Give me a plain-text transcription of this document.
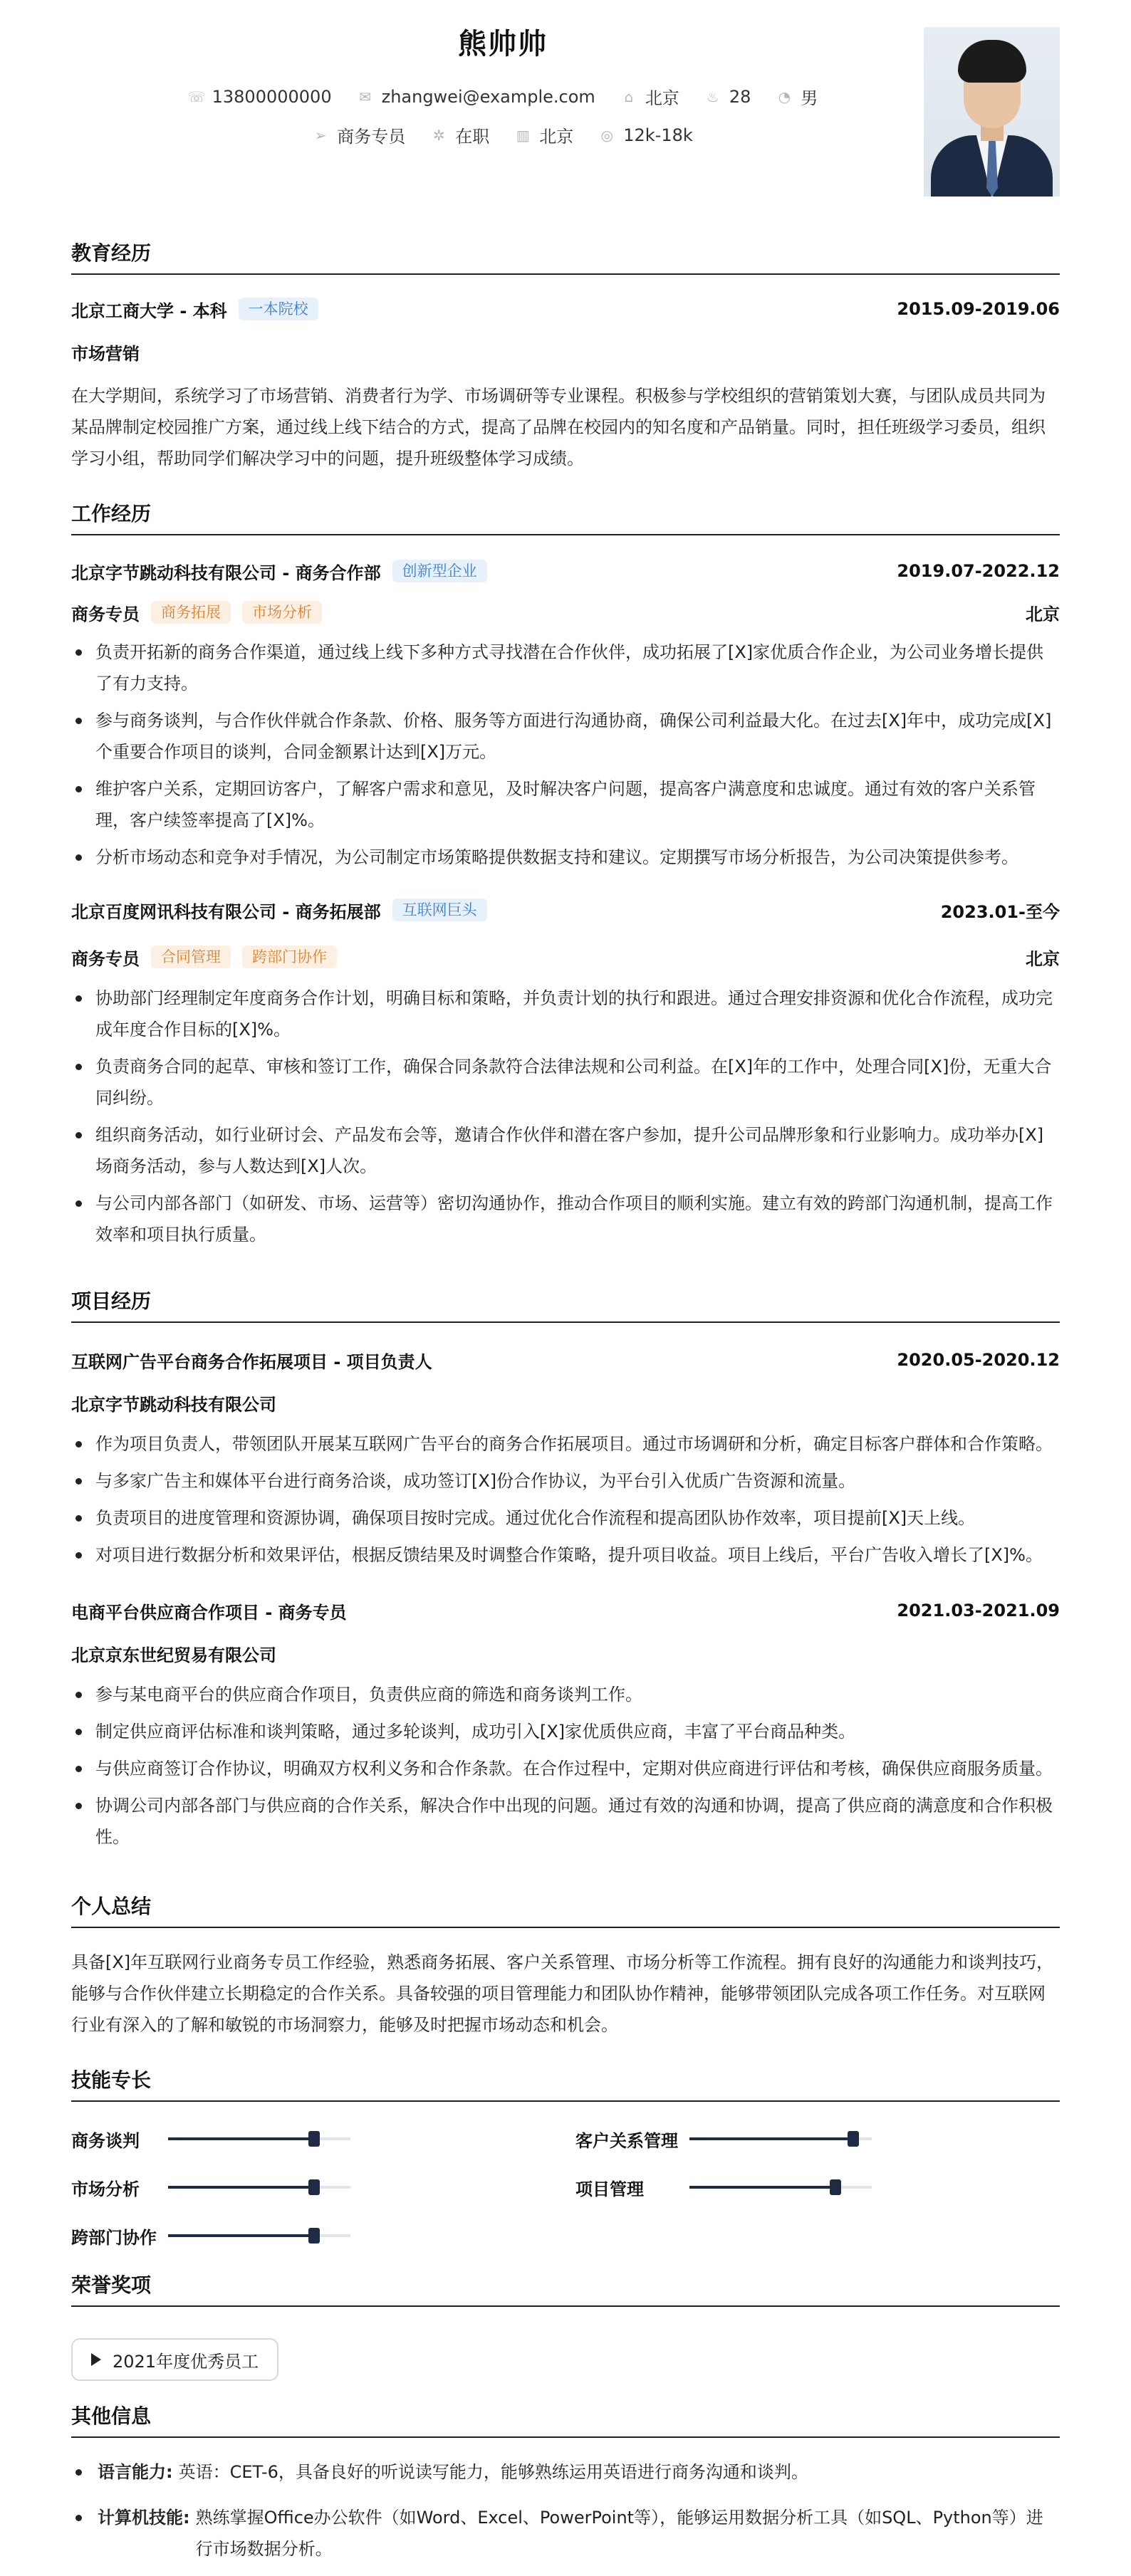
熊帅帅
☏ 13800000000 ✉ zhangwei@example.com ⌂ 北京 ♨ 28 ◔ 男
➢ 商务专员 ✲ 在职 ▥ 北京 ◎ 12k-18k
教育经历
北京工商大学 - 本科	一本院校	2015.09-2019.06
市场营销
在大学期间，系统学习了市场营销、消费者行为学、市场调研等专业课程。积极参与学校组织的营销策划大赛，与团队成员共同为某品牌制定校园推广方案，通过线上线下结合的方式，提高了品牌在校园内的知名度和产品销量。同时，担任班级学习委员，组织学习小组，帮助同学们解决学习中的问题，提升班级整体学习成绩。
工作经历
北京字节跳动科技有限公司 - 商务合作部	创新型企业	2019.07-2022.12
商务专员	商务拓展	市场分析	北京
负责开拓新的商务合作渠道，通过线上线下多种方式寻找潜在合作伙伴，成功拓展了[X]家优质合作企业，为公司业务增长提供了有力支持。
参与商务谈判，与合作伙伴就合作条款、价格、服务等方面进行沟通协商，确保公司利益最大化。在过去[X]年中，成功完成[X]个重要合作项目的谈判，合同金额累计达到[X]万元。
维护客户关系，定期回访客户，了解客户需求和意见，及时解决客户问题，提高客户满意度和忠诚度。通过有效的客户关系管理，客户续签率提高了[X]%。
分析市场动态和竞争对手情况，为公司制定市场策略提供数据支持和建议。定期撰写市场分析报告，为公司决策提供参考。
北京百度网讯科技有限公司 - 商务拓展部	互联网巨头	2023.01-至今
商务专员	合同管理	跨部门协作	北京
协助部门经理制定年度商务合作计划，明确目标和策略，并负责计划的执行和跟进。通过合理安排资源和优化合作流程，成功完成年度合作目标的[X]%。
负责商务合同的起草、审核和签订工作，确保合同条款符合法律法规和公司利益。在[X]年的工作中，处理合同[X]份，无重大合同纠纷。
组织商务活动，如行业研讨会、产品发布会等，邀请合作伙伴和潜在客户参加，提升公司品牌形象和行业影响力。成功举办[X]场商务活动，参与人数达到[X]人次。
与公司内部各部门（如研发、市场、运营等）密切沟通协作，推动合作项目的顺利实施。建立有效的跨部门沟通机制，提高工作效率和项目执行质量。
项目经历
互联网广告平台商务合作拓展项目 - 项目负责人	2020.05-2020.12
北京字节跳动科技有限公司
作为项目负责人，带领团队开展某互联网广告平台的商务合作拓展项目。通过市场调研和分析，确定目标客户群体和合作策略。
与多家广告主和媒体平台进行商务洽谈，成功签订[X]份合作协议，为平台引入优质广告资源和流量。
负责项目的进度管理和资源协调，确保项目按时完成。通过优化合作流程和提高团队协作效率，项目提前[X]天上线。
对项目进行数据分析和效果评估，根据反馈结果及时调整合作策略，提升项目收益。项目上线后，平台广告收入增长了[X]%。
电商平台供应商合作项目 - 商务专员	2021.03-2021.09
北京京东世纪贸易有限公司
参与某电商平台的供应商合作项目，负责供应商的筛选和商务谈判工作。
制定供应商评估标准和谈判策略，通过多轮谈判，成功引入[X]家优质供应商，丰富了平台商品种类。
与供应商签订合作协议，明确双方权利义务和合作条款。在合作过程中，定期对供应商进行评估和考核，确保供应商服务质量。
协调公司内部各部门与供应商的合作关系，解决合作中出现的问题。通过有效的沟通和协调，提高了供应商的满意度和合作积极性。
个人总结
具备[X]年互联网行业商务专员工作经验，熟悉商务拓展、客户关系管理、市场分析等工作流程。拥有良好的沟通能力和谈判技巧，能够与合作伙伴建立长期稳定的合作关系。具备较强的项目管理能力和团队协作精神，能够带领团队完成各项工作任务。对互联网行业有深入的了解和敏锐的市场洞察力，能够及时把握市场动态和机会。
技能专长
商务谈判	客户关系管理
市场分析	项目管理
跨部门协作
荣誉奖项
2021年度优秀员工
其他信息
语言能力: 英语：CET-6，具备良好的听说读写能力，能够熟练运用英语进行商务沟通和谈判。
计算机技能: 熟练掌握Office办公软件（如Word、Excel、PowerPoint等），能够运用数据分析工具（如SQL、Python等）进行市场数据分析。
